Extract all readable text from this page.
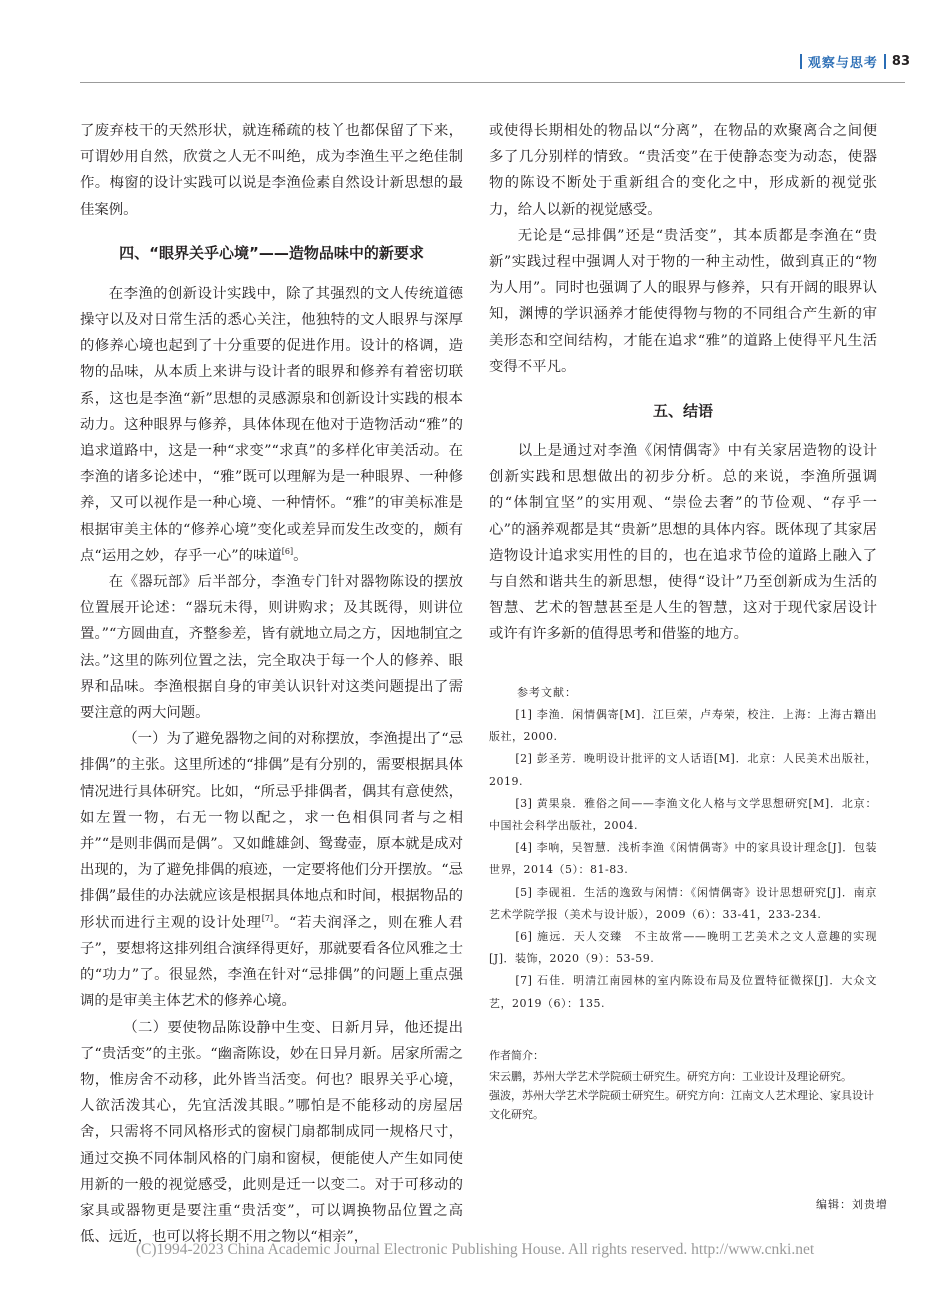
观察与思考 83

了废弃枝干的天然形状，就连稀疏的枝丫也都保留了下来，可谓妙用自然，欣赏之人无不叫绝，成为李渔生平之绝佳制作。梅窗的设计实践可以说是李渔俭素自然设计新思想的最佳案例。

四、“眼界关乎心境”——造物品味中的新要求

在李渔的创新设计实践中，除了其强烈的文人传统道德操守以及对日常生活的悉心关注，他独特的文人眼界与深厚的修养心境也起到了十分重要的促进作用。设计的格调，造物的品味，从本质上来讲与设计者的眼界和修养有着密切联系，这也是李渔“新”思想的灵感源泉和创新设计实践的根本动力。这种眼界与修养，具体体现在他对于造物活动“雅”的追求道路中，这是一种“求变”“求真”的多样化审美活动。在李渔的诸多论述中，“雅”既可以理解为是一种眼界、一种修养，又可以视作是一种心境、一种情怀。“雅”的审美标准是根据审美主体的“修养心境”变化或差异而发生改变的，颇有点“运用之妙，存乎一心”的味道[6]。

在《器玩部》后半部分，李渔专门针对器物陈设的摆放位置展开论述：“器玩未得，则讲购求；及其既得，则讲位置。”“方圆曲直，齐整参差，皆有就地立局之方，因地制宜之法。”这里的陈列位置之法，完全取决于每一个人的修养、眼界和品味。李渔根据自身的审美认识针对这类问题提出了需要注意的两大问题。

（一）为了避免器物之间的对称摆放，李渔提出了“忌排偶”的主张。这里所述的“排偶”是有分别的，需要根据具体情况进行具体研究。比如，“所忌乎排偶者，偶其有意使然，如左置一物，右无一物以配之，求一色相俱同者与之相并”“是则非偶而是偶”。又如雌雄剑、鸳鸯壶，原本就是成对出现的，为了避免排偶的痕迹，一定要将他们分开摆放。“忌排偶”最佳的办法就应该是根据具体地点和时间，根据物品的形状而进行主观的设计处理[7]。“若夫润泽之，则在雅人君子”，要想将这排列组合演绎得更好，那就要看各位风雅之士的“功力”了。很显然，李渔在针对“忌排偶”的问题上重点强调的是审美主体艺术的修养心境。

（二）要使物品陈设静中生变、日新月异，他还提出了“贵活变”的主张。“幽斋陈设，妙在日异月新。居家所需之物，惟房舍不动移，此外皆当活变。何也？眼界关乎心境，人欲活泼其心，先宜活泼其眼。”哪怕是不能移动的房屋居舍，只需将不同风格形式的窗棂门扇都制成同一规格尺寸，通过交换不同体制风格的门扇和窗棂，便能使人产生如同使用新的一般的视觉感受，此则是迁一以变二。对于可移动的家具或器物更是要注重“贵活变”，可以调换物品位置之高低、远近，也可以将长期不用之物以“相亲”，

或使得长期相处的物品以“分离”，在物品的欢聚离合之间便多了几分别样的情致。“贵活变”在于使静态变为动态，使器物的陈设不断处于重新组合的变化之中，形成新的视觉张力，给人以新的视觉感受。

无论是“忌排偶”还是“贵活变”，其本质都是李渔在“贵新”实践过程中强调人对于物的一种主动性，做到真正的“物为人用”。同时也强调了人的眼界与修养，只有开阔的眼界认知，渊博的学识涵养才能使得物与物的不同组合产生新的审美形态和空间结构，才能在追求“雅”的道路上使得平凡生活变得不平凡。

五、结语

以上是通过对李渔《闲情偶寄》中有关家居造物的设计创新实践和思想做出的初步分析。总的来说，李渔所强调的“体制宜坚”的实用观、“崇俭去奢”的节俭观、“存乎一心”的涵养观都是其“贵新”思想的具体内容。既体现了其家居造物设计追求实用性的目的，也在追求节俭的道路上融入了与自然和谐共生的新思想，使得“设计”乃至创新成为生活的智慧、艺术的智慧甚至是人生的智慧，这对于现代家居设计或许有许多新的值得思考和借鉴的地方。

参考文献：

[1] 李渔．闲情偶寄[M]．江巨荣，卢寿荣，校注．上海：上海古籍出版社，2000.

[2] 彭圣芳．晚明设计批评的文人话语[M]．北京：人民美术出版社，2019.

[3] 黄果泉．雅俗之间——李渔文化人格与文学思想研究[M]．北京：中国社会科学出版社，2004.

[4] 李响，吴智慧．浅析李渔《闲情偶寄》中的家具设计理念[J]．包装世界，2014（5）：81-83.

[5] 李砚祖．生活的逸致与闲情：《闲情偶寄》设计思想研究[J]．南京艺术学院学报（美术与设计版），2009（6）：33-41，233-234.

[6] 施远．天人交臻　不主故常——晚明工艺美术之文人意趣的实现[J]．装饰，2020（9）：53-59.

[7] 石佳．明清江南园林的室内陈设布局及位置特征微探[J]．大众文艺，2019（6）：135.

作者简介：

宋云鹏，苏州大学艺术学院硕士研究生。研究方向：工业设计及理论研究。

强波，苏州大学艺术学院硕士研究生。研究方向：江南文人艺术理论、家具设计文化研究。

编辑：刘贵增
(C)1994-2023 China Academic Journal Electronic Publishing House. All rights reserved. http://www.cnki.net
